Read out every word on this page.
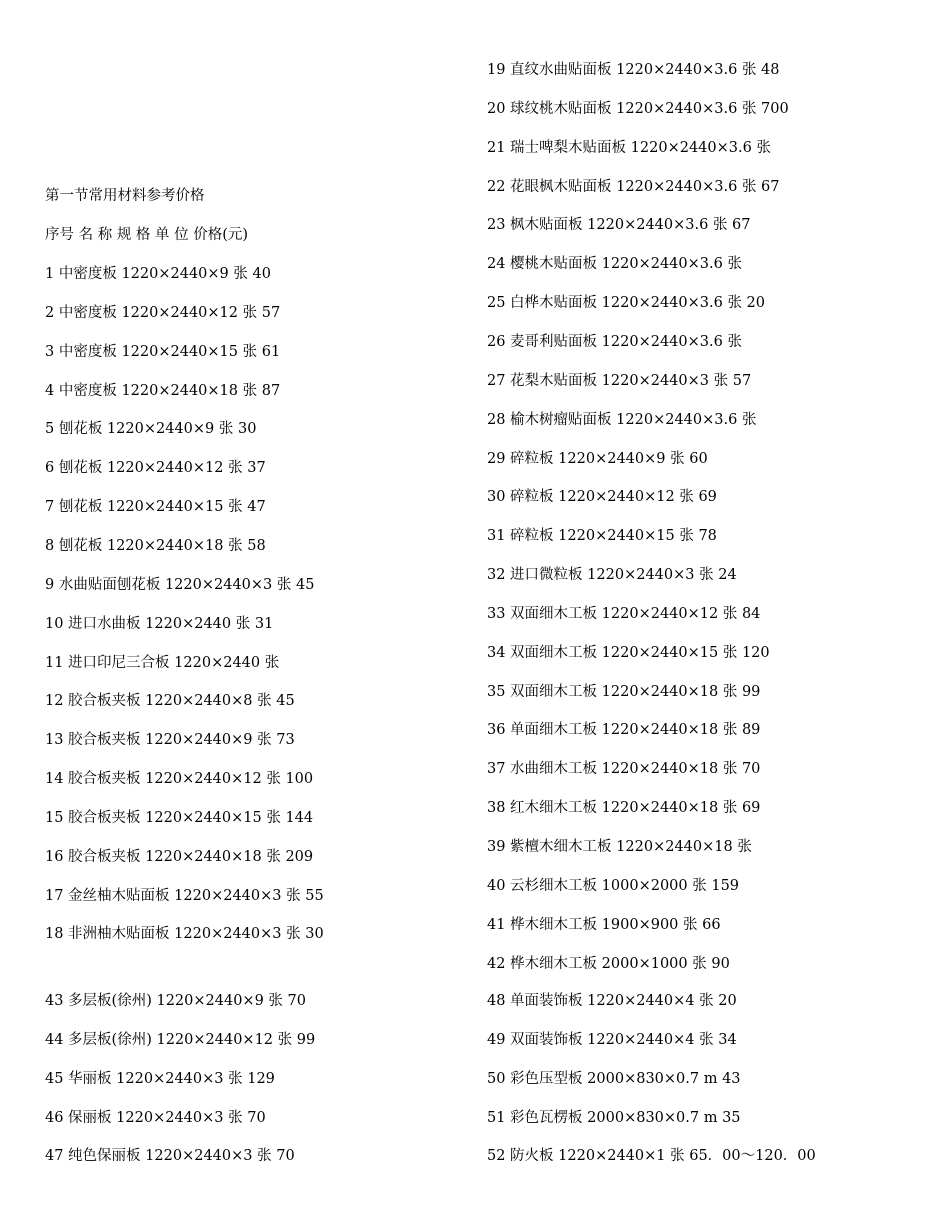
第一节常用材料参考价格
序号 名 称 规 格 单 位 价格(元)
1 中密度板 1220×2440×9 张 40
2 中密度板 1220×2440×12 张 57
3 中密度板 1220×2440×15 张 61
4 中密度板 1220×2440×18 张 87
5 刨花板 1220×2440×9 张 30
6 刨花板 1220×2440×12 张 37
7 刨花板 1220×2440×15 张 47
8 刨花板 1220×2440×18 张 58
9 水曲贴面刨花板 1220×2440×3 张 45
10 进口水曲板 1220×2440 张 31
11 进口印尼三合板 1220×2440 张
12 胶合板夹板 1220×2440×8 张 45
13 胶合板夹板 1220×2440×9 张 73
14 胶合板夹板 1220×2440×12 张 100
15 胶合板夹板 1220×2440×15 张 144
16 胶合板夹板 1220×2440×18 张 209
17 金丝柚木贴面板 1220×2440×3 张 55
18 非洲柚木贴面板 1220×2440×3 张 30
19 直纹水曲贴面板 1220×2440×3.6 张 48
20 球纹桃木贴面板 1220×2440×3.6 张 700
21 瑞士啤梨木贴面板 1220×2440×3.6 张
22 花眼枫木贴面板 1220×2440×3.6 张 67
23 枫木贴面板 1220×2440×3.6 张 67
24 樱桃木贴面板 1220×2440×3.6 张
25 白桦木贴面板 1220×2440×3.6 张 20
26 麦哥利贴面板 1220×2440×3.6 张
27 花梨木贴面板 1220×2440×3 张 57
28 榆木树瘤贴面板 1220×2440×3.6 张
29 碎粒板 1220×2440×9 张 60
30 碎粒板 1220×2440×12 张 69
31 碎粒板 1220×2440×15 张 78
32 进口微粒板 1220×2440×3 张 24
33 双面细木工板 1220×2440×12 张 84
34 双面细木工板 1220×2440×15 张 120
35 双面细木工板 1220×2440×18 张 99
36 单面细木工板 1220×2440×18 张 89
37 水曲细木工板 1220×2440×18 张 70
38 红木细木工板 1220×2440×18 张 69
39 紫檀木细木工板 1220×2440×18 张
40 云杉细木工板 1000×2000 张 159
41 桦木细木工板 1900×900 张 66
42 桦木细木工板 2000×1000 张 90
43 多层板(徐州) 1220×2440×9 张 70
44 多层板(徐州) 1220×2440×12 张 99
45 华丽板 1220×2440×3 张 129
46 保丽板 1220×2440×3 张 70
47 纯色保丽板 1220×2440×3 张 70
48 单面装饰板 1220×2440×4 张 20
49 双面装饰板 1220×2440×4 张 34
50 彩色压型板 2000×830×0.7 m 43
51 彩色瓦楞板 2000×830×0.7 m 35
52 防火板 1220×2440×1 张 65．00～120．00
